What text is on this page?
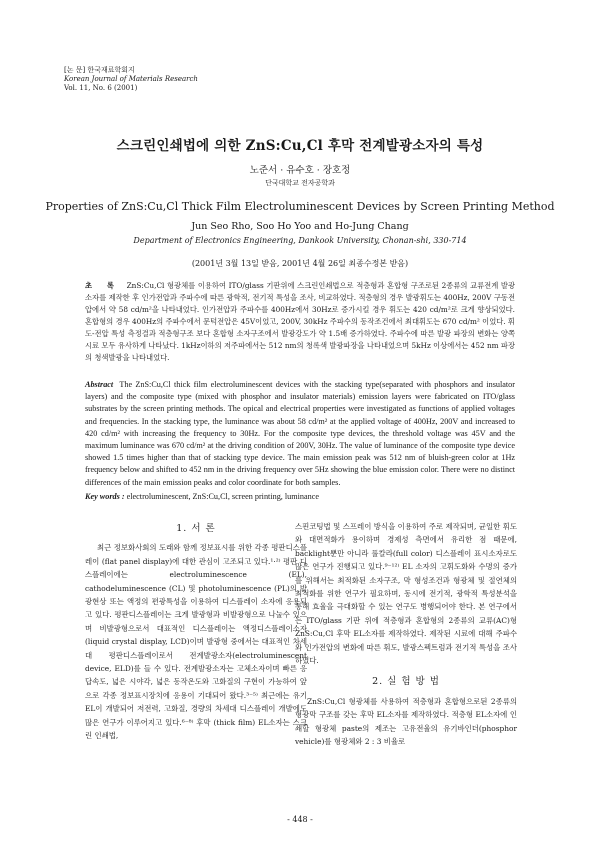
[논 문] 한국재료학회지
Korean Journal of Materials Research
Vol. 11, No. 6 (2001)
스크린인쇄법에 의한 ZnS:Cu,Cl 후막 전계발광소자의 특성
노준서 · 유수호 · 장호정
단국대학교 전자공학과
Properties of ZnS:Cu,Cl Thick Film Electroluminescent Devices by Screen Printing Method
Jun Seo Rho, Soo Ho Yoo and Ho-Jung Chang
Department of Electronics Engineering, Dankook University, Chonan-shi, 330-714
(2001년 3월 13일 받음, 2001년 4월 26일 최종수정본 받음)
초 록 ZnS:Cu,Cl 형광체를 이용하여 ITO/glass 기판위에 스크린인쇄법으로 적층형과 혼합형 구조로된 2종류의 교류전계 발광소자를 제작한 후 인가전압과 주파수에 따른 광학적, 전기적 특성을 조사, 비교하였다. 적층형의 경우 발광휘도는 400Hz, 200V 구동전압에서 약 58 cd/m²을 나타내었다. 인가전압과 주파수를 400Hz에서 30Hz로 증가시킬 경우 휘도는 420 cd/m²로 크게 향상되었다. 혼합형의 경우 400Hz의 주파수에서 문턱전압은 45V이었고, 200V, 30kHz 주파수의 동작조건에서 최대휘도는 670 cd/m² 이었다. 휘도-전압 특성 측정결과 적층형구조 보다 혼합형 소자구조에서 발광강도가 약 1.5배 증가하였다. 주파수에 따른 발광 파장의 변화는 양쪽시료 모두 유사하게 나타났다. 1kHz이하의 저주파에서는 512 nm의 청록색 발광파장을 나타내었으며 5kHz 이상에서는 452 nm 파장의 청색발광을 나타내었다.
Abstract The ZnS:Cu,Cl thick film electroluminescent devices with the stacking type(separated with phosphors and insulator layers) and the composite type (mixed with phosphor and insulator materials) emission layers were fabricated on ITO/glass substrates by the screen printing methods. The opical and electrical properties were investigated as functions of applied voltages and frequencies. In the stacking type, the luminance was about 58 cd/m² at the applied voltage of 400Hz, 200V and increased to 420 cd/m² with increasing the frequency to 30Hz. For the composite type devices, the threshold voltage was 45V and the maximum luminance was 670 cd/m² at the driving condition of 200V, 30Hz. The value of luminance of the composite type device showed 1.5 times higher than that of stacking type device. The main emission peak was 512 nm of bluish-green color at 1Hz frequency below and shifted to 452 nm in the driving frequency over 5Hz showing the blue emission color. There were no distinct differences of the main emission peaks and color coordinate for both samples.
Key words : electroluminescent, ZnS:Cu,Cl, screen printing, luminance
1. 서 론

최근 정보화사회의 도래와 함께 정보표시를 위한 각종 평판디스플레이 (flat panel display)에 대한 관심이 고조되고 있다.¹·²⁾ 평판 디스플레이에는 electroluminescence (EL), cathodeluminescence (CL) 및 photoluminescence (PL)의 발광현상 또는 액정의 편광특성을 이용하여 디스플레이 소자에 응용되고 있다. 평판디스플레이는 크게 발광형과 비발광형으로 나눌수 있으며 비발광형으로서 대표적인 디스플레이는 액정디스플레이소자(liquid crystal display, LCD)이며 발광형 중에서는 대표적인 차세대 평판디스플레이로서 전계발광소자(electroluminescent device, ELD)를 들 수 있다. 전계발광소자는 고체소자이며 빠른 응답속도, 넓은 시야각, 넓은 동작온도와 고화질의 구현이 가능하여 앞으로 각종 정보표시장치에 응용이 기대되어 왔다.³⁻⁵⁾ 최근에는 유기EL이 개발되어 저전력, 고화질, 경량의 차세대 디스플레이 개발에도 많은 연구가 이루어지고 있다.⁶⁻⁸⁾ 후막 (thick film) EL소자는 스크린 인쇄법,

스핀코팅법 및 스프레이 방식을 이용하여 주로 제작되며, 균일한 휘도와 대면적화가 용이하며 경제성 측면에서 유리한 점 때문에, backlight뿐만 아니라 풀칼라(full color) 디스플레이 표시소자로도 많은 연구가 진행되고 있다.⁹⁻¹²⁾ EL 소자의 고휘도화와 수명의 증가를 위해서는 최적화된 소자구조, 막 형성조건과 형광체 및 절연체의 최적화를 위한 연구가 필요하며, 동시에 전기적, 광학적 특성분석을 통해 효율을 극대화할 수 있는 연구도 병행되어야 한다. 본 연구에서는 ITO/glass 기판 위에 적층형과 혼합형의 2종류의 교류(AC)형 ZnS:Cu,Cl 후막 EL소자를 제작하였다. 제작된 시료에 대해 주파수와 인가전압의 변화에 따른 휘도, 발광스펙트럼과 전기적 특성을 조사하였다.

2. 실 험 방 법

ZnS:Cu,Cl 형광체를 사용하여 적층형과 혼합형으로된 2종류의 형광막 구조를 갖는 후막 EL소자를 제작하였다. 적층형 EL소자에 인쇄할 형광체 paste의 제조는 고유전율의 유기바인더(phosphor vehicle)를 형광체와 2 : 3 비율로

- 448 -
